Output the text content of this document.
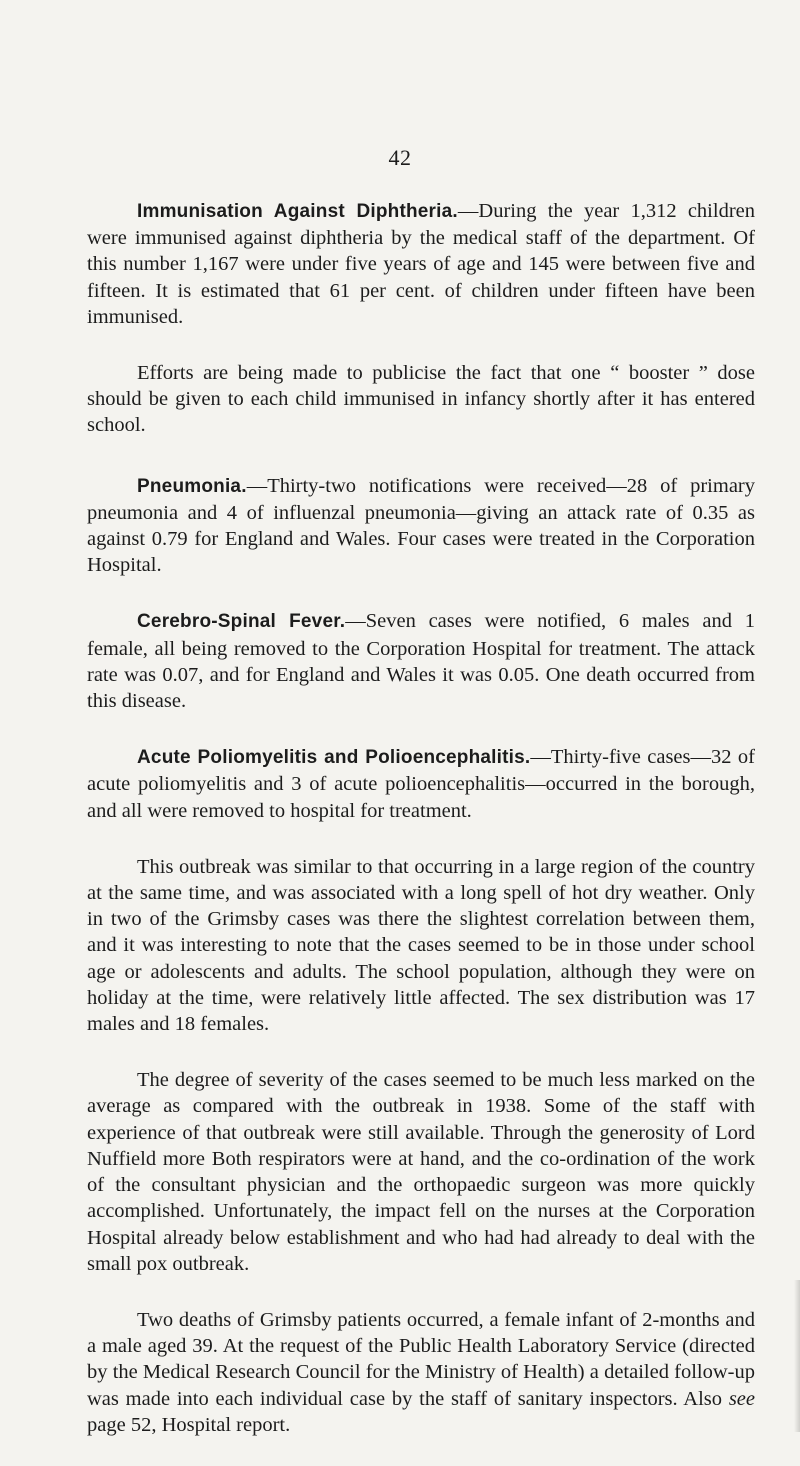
42

Immunisation Against Diphtheria.—During the year 1,312 children were immunised against diphtheria by the medical staff of the department. Of this number 1,167 were under five years of age and 145 were between five and fifteen. It is estimated that 61 per cent. of children under fifteen have been immunised.

Efforts are being made to publicise the fact that one “ booster ” dose should be given to each child immunised in infancy shortly after it has entered school.

Pneumonia.—Thirty-two notifications were received—28 of primary pneumonia and 4 of influenzal pneumonia—giving an attack rate of 0.35 as against 0.79 for England and Wales. Four cases were treated in the Corporation Hospital.

Cerebro-Spinal Fever.—Seven cases were notified, 6 males and 1 female, all being removed to the Corporation Hospital for treatment. The attack rate was 0.07, and for England and Wales it was 0.05. One death occurred from this disease.

Acute Poliomyelitis and Polioencephalitis.—Thirty-five cases—32 of acute poliomyelitis and 3 of acute polioencephalitis—occurred in the borough, and all were removed to hospital for treatment.

This outbreak was similar to that occurring in a large region of the country at the same time, and was associated with a long spell of hot dry weather. Only in two of the Grimsby cases was there the slightest correlation between them, and it was interesting to note that the cases seemed to be in those under school age or adolescents and adults. The school population, although they were on holiday at the time, were relatively little affected. The sex distribution was 17 males and 18 females.

The degree of severity of the cases seemed to be much less marked on the average as compared with the outbreak in 1938. Some of the staff with experience of that outbreak were still available. Through the generosity of Lord Nuffield more Both respirators were at hand, and the co-ordination of the work of the consultant physician and the orthopaedic surgeon was more quickly accomplished. Unfortunately, the impact fell on the nurses at the Corporation Hospital already below establishment and who had had already to deal with the small pox outbreak.

Two deaths of Grimsby patients occurred, a female infant of 2-months and a male aged 39. At the request of the Public Health Laboratory Service (directed by the Medical Research Council for the Ministry of Health) a detailed follow-up was made into each individual case by the staff of sanitary inspectors. Also see page 52, Hospital report.
